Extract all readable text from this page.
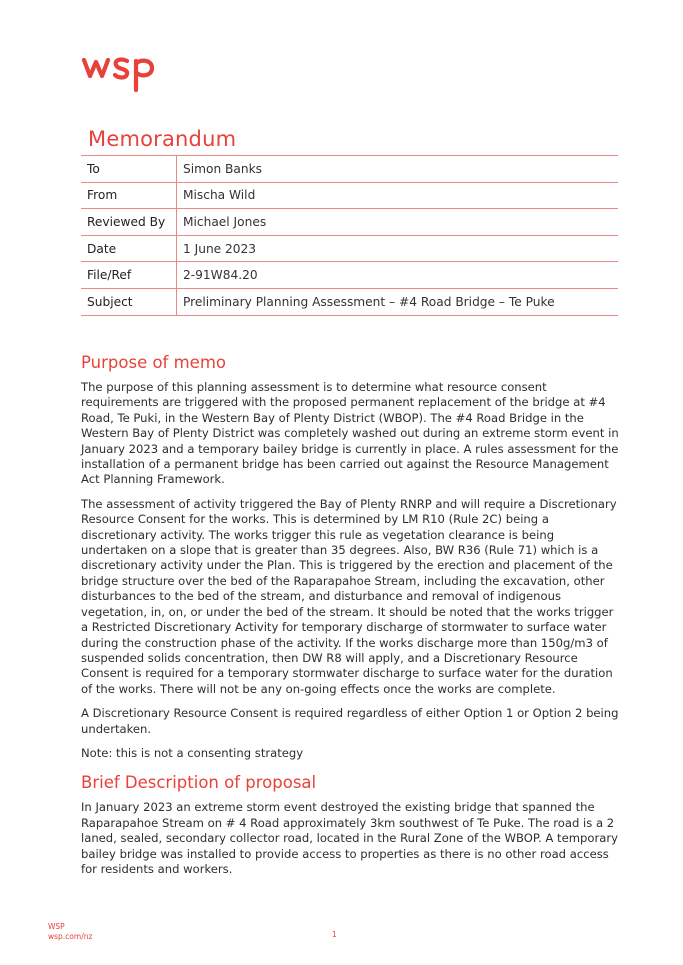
Memorandum
To	Simon Banks
From	Mischa Wild
Reviewed By	Michael Jones
Date	1 June 2023
File/Ref	2-91W84.20
Subject	Preliminary Planning Assessment – #4 Road Bridge – Te Puke
Purpose of memo

The purpose of this planning assessment is to determine what resource consent requirements are triggered with the proposed permanent replacement of the bridge at #4 Road, Te Puki, in the Western Bay of Plenty District (WBOP). The #4 Road Bridge in the Western Bay of Plenty District was completely washed out during an extreme storm event in January 2023 and a temporary bailey bridge is currently in place. A rules assessment for the installation of a permanent bridge has been carried out against the Resource Management Act Planning Framework.

The assessment of activity triggered the Bay of Plenty RNRP and will require a Discretionary Resource Consent for the works. This is determined by LM R10 (Rule 2C) being a discretionary activity. The works trigger this rule as vegetation clearance is being undertaken on a slope that is greater than 35 degrees. Also, BW R36 (Rule 71) which is a discretionary activity under the Plan. This is triggered by the erection and placement of the bridge structure over the bed of the Raparapahoe Stream, including the excavation, other disturbances to the bed of the stream, and disturbance and removal of indigenous vegetation, in, on, or under the bed of the stream. It should be noted that the works trigger a Restricted Discretionary Activity for temporary discharge of stormwater to surface water during the construction phase of the activity. If the works discharge more than 150g/m3 of suspended solids concentration, then DW R8 will apply, and a Discretionary Resource Consent is required for a temporary stormwater discharge to surface water for the duration of the works. There will not be any on-going effects once the works are complete.

A Discretionary Resource Consent is required regardless of either Option 1 or Option 2 being undertaken.

Note: this is not a consenting strategy

Brief Description of proposal

In January 2023 an extreme storm event destroyed the existing bridge that spanned the Raparapahoe Stream on # 4 Road approximately 3km southwest of Te Puke. The road is a 2 laned, sealed, secondary collector road, located in the Rural Zone of the WBOP. A temporary bailey bridge was installed to provide access to properties as there is no other road access for residents and workers.

WSP
wsp.com/nz	1
